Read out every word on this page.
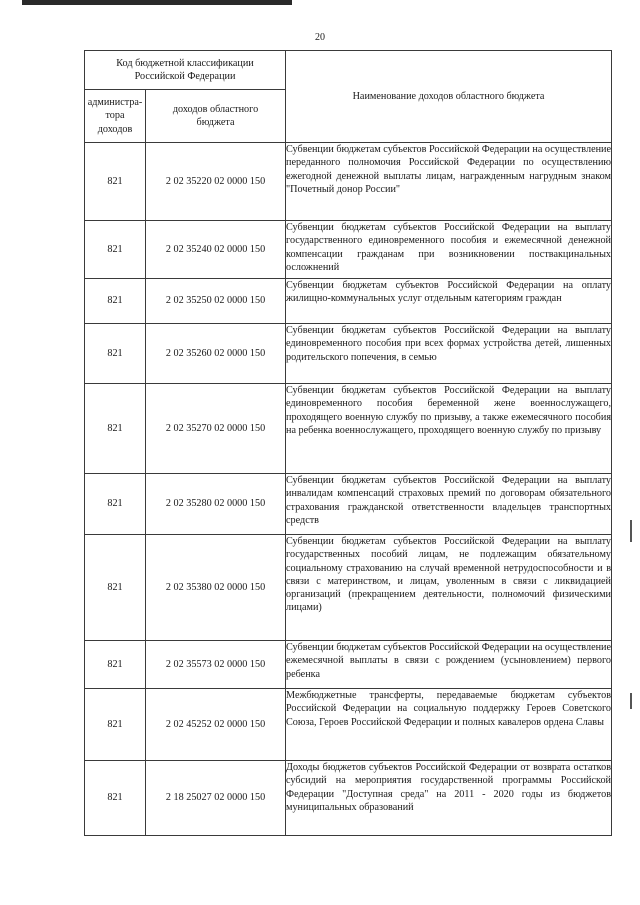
20
Код бюджетной классификации
Российской Федерации		Наименование доходов областного бюджета

администра-
тора
доходов	доходов областного
бюджета	

821	2 02 35220 02 0000 150	Субвенции бюджетам субъектов Российской Федерации на осуществление переданного полномочия Российской Федерации по осуществлению ежегодной денежной выплаты лицам, награжденным нагрудным знаком "Почетный донор России"
821	2 02 35240 02 0000 150	Субвенции бюджетам субъектов Российской Федерации на выплату государственного единовременного пособия и ежемесячной денежной компенсации гражданам при возникновении поствакцинальных осложнений
821	2 02 35250 02 0000 150	Субвенции бюджетам субъектов Российской Федерации на оплату жилищно-коммунальных услуг отдельным категориям граждан
821	2 02 35260 02 0000 150	Субвенции бюджетам субъектов Российской Федерации на выплату единовременного пособия при всех формах устройства детей, лишенных родительского попечения, в семью
821	2 02 35270 02 0000 150	Субвенции бюджетам субъектов Российской Федерации на выплату единовременного пособия беременной жене военнослужащего, проходящего военную службу по призыву, а также ежемесячного пособия на ребенка военнослужащего, проходящего военную службу по призыву
821	2 02 35280 02 0000 150	Субвенции бюджетам субъектов Российской Федерации на выплату инвалидам компенсаций страховых премий по договорам обязательного страхования гражданской ответственности владельцев транспортных средств
821	2 02 35380 02 0000 150	Субвенции бюджетам субъектов Российской Федерации на выплату государственных пособий лицам, не подлежащим обязательному социальному страхованию на случай временной нетрудоспособности и в связи с материнством, и лицам, уволенным в связи с ликвидацией организаций (прекращением деятельности, полномочий физическими лицами)
821	2 02 35573 02 0000 150	Субвенции бюджетам субъектов Российской Федерации на осуществление ежемесячной выплаты в связи с рождением (усыновлением) первого ребенка
821	2 02 45252 02 0000 150	Межбюджетные трансферты, передаваемые бюджетам субъектов Российской Федерации на социальную поддержку Героев Советского Союза, Героев Российской Федерации и полных кавалеров ордена Славы
821	2 18 25027 02 0000 150	Доходы бюджетов субъектов Российской Федерации от возврата остатков субсидий на мероприятия государственной программы Российской Федерации "Доступная среда" на 2011 - 2020 годы из бюджетов муниципальных образований
